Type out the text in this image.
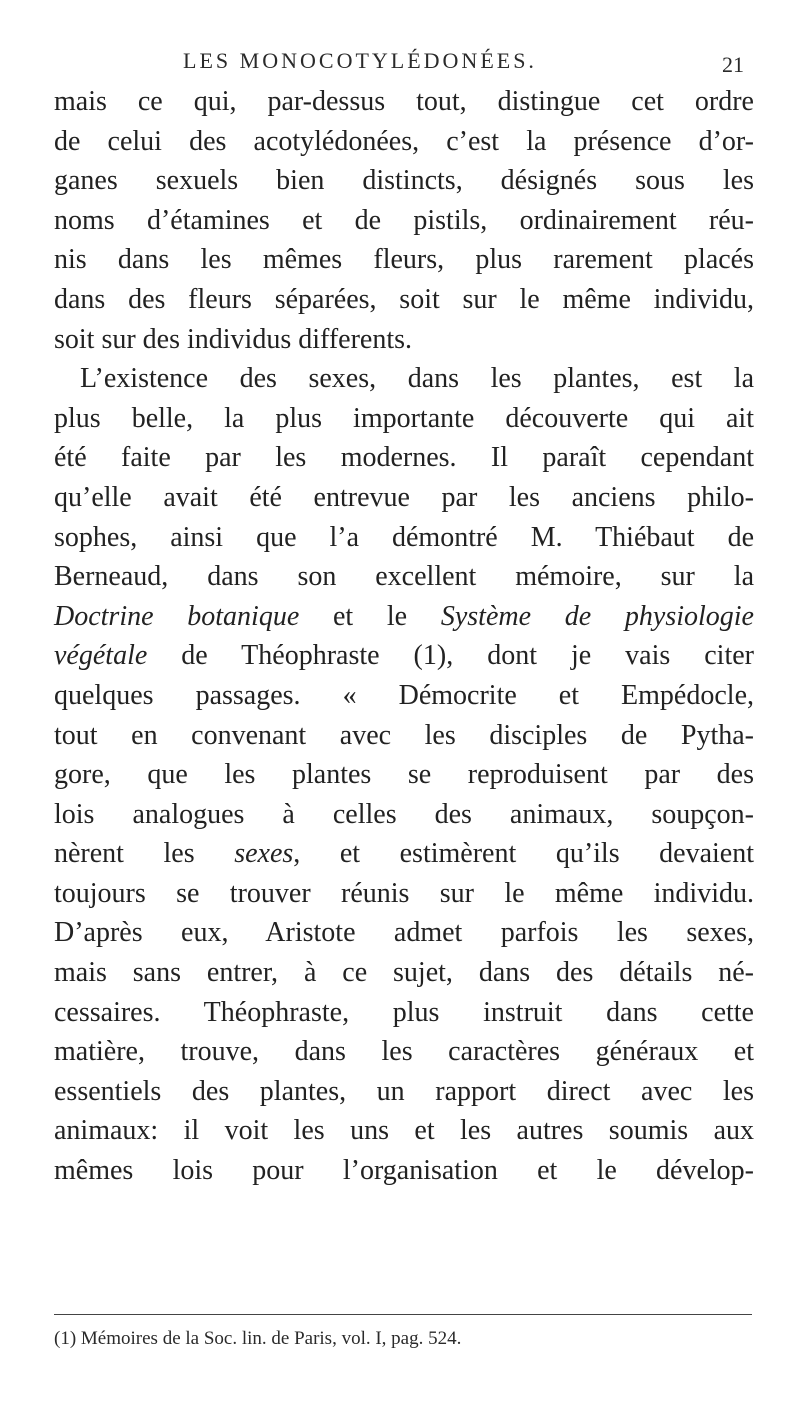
LES MONOCOTYLÉDONÉES.	21
mais ce qui, par-dessus tout, distingue cet ordre
de celui des acotylédonées, c’est la présence d’or-
ganes sexuels bien distincts, désignés sous les
noms d’étamines et de pistils, ordinairement réu-
nis dans les mêmes fleurs, plus rarement placés
dans des fleurs séparées, soit sur le même individu,
soit sur des individus differents.
L’existence des sexes, dans les plantes, est la
plus belle, la plus importante découverte qui ait
été faite par les modernes. Il paraît cependant
qu’elle avait été entrevue par les anciens philo-
sophes, ainsi que l’a démontré M. Thiébaut de
Berneaud, dans son excellent mémoire, sur la
Doctrine botanique et le Système de physiologie
végétale de Théophraste (1), dont je vais citer
quelques passages. « Démocrite et Empédocle,
tout en convenant avec les disciples de Pytha-
gore, que les plantes se reproduisent par des
lois analogues à celles des animaux, soupçon-
nèrent les sexes, et estimèrent qu’ils devaient
toujours se trouver réunis sur le même individu.
D’après eux, Aristote admet parfois les sexes,
mais sans entrer, à ce sujet, dans des détails né-
cessaires. Théophraste, plus instruit dans cette
matière, trouve, dans les caractères généraux et
essentiels des plantes, un rapport direct avec les
animaux: il voit les uns et les autres soumis aux
mêmes lois pour l’organisation et le dévelop-
(1) Mémoires de la Soc. lin. de Paris, vol. I, pag. 524.
